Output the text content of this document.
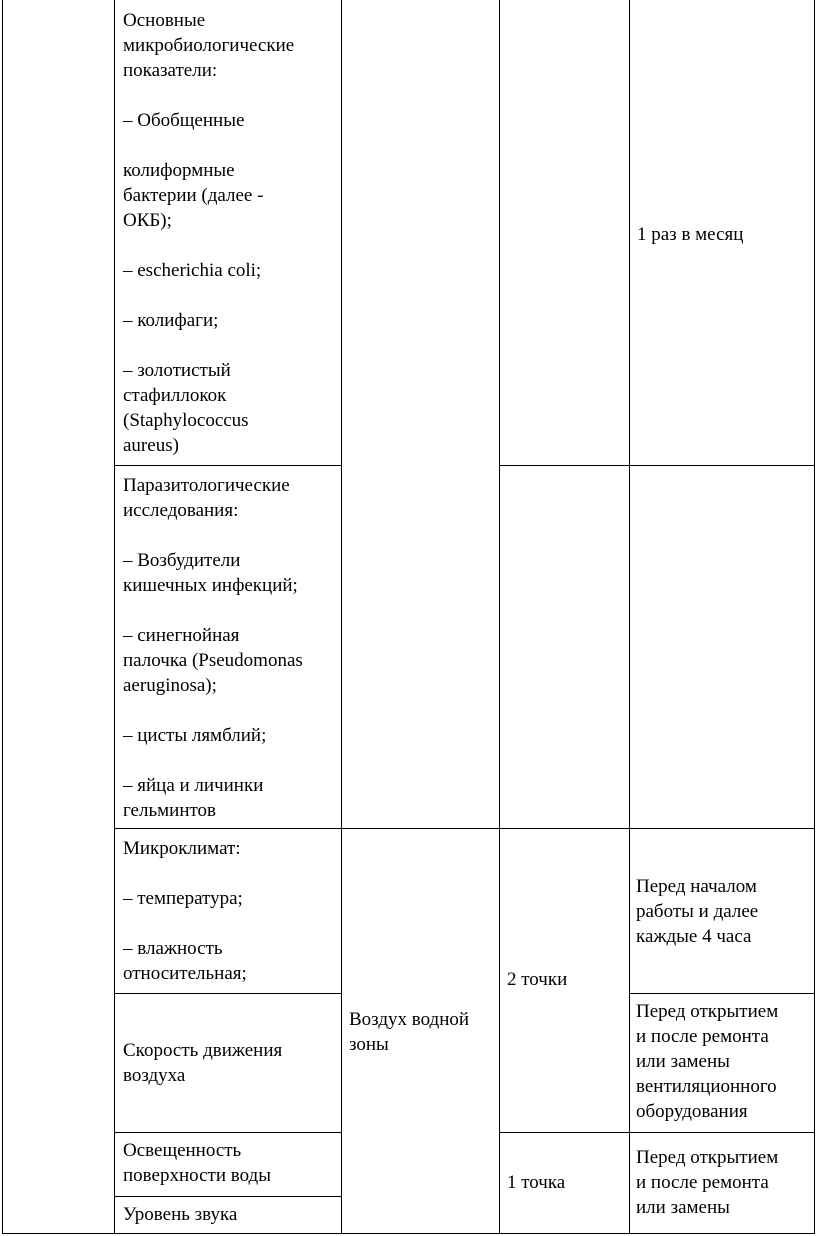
Основные
микробиологические
показатели:

– Обобщенные

колиформные
бактерии (далее -
ОКБ);

– escherichia coli;

– колифаги;

– золотистый
стафиллокок
(Staphylococcus
aureus)
1 раз в месяц
Паразитологические
исследования:

– Возбудители
кишечных инфекций;

– синегнойная
палочка (Pseudomonas
aeruginosa);

– цисты лямблий;

– яйца и личинки
гельминтов
Микроклимат:

– температура;

– влажность
относительная;
Перед началом
работы и далее
каждые 4 часа
Скорость движения
воздуха
Перед открытием
и после ремонта
или замены
вентиляционного
оборудования
Воздух водной
зоны
2 точки
Освещенность
поверхности воды
Уровень звука
1 точка
Перед открытием
и после ремонта
или замены
